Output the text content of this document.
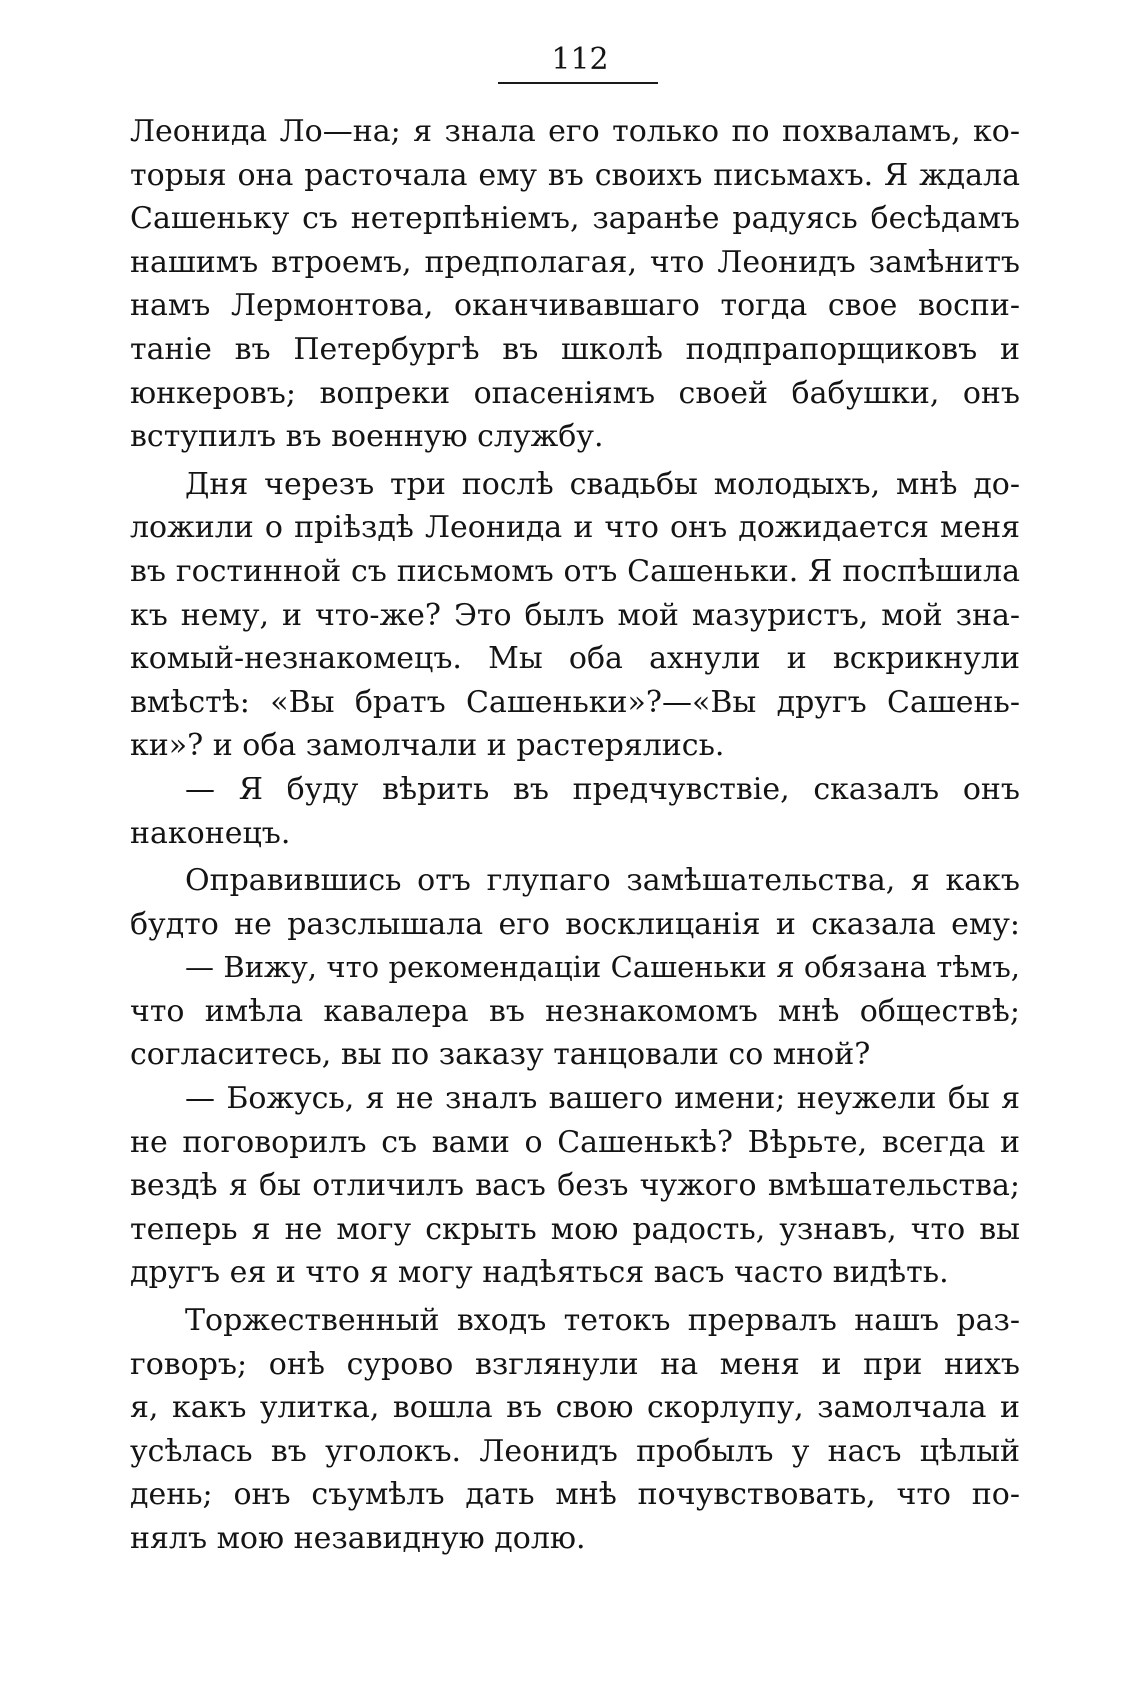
112
Леонида Ло—на; я знала его только по похваламъ, ко-
торыя она расточала ему въ своихъ письмахъ. Я ждала
Сашеньку съ нетерпѣніемъ, заранѣе радуясь бесѣдамъ
нашимъ втроемъ, предполагая, что Леонидъ замѣнитъ
намъ Лермонтова, оканчивавшаго тогда свое воспи-
таніе въ Петербургѣ въ школѣ подпрапорщиковъ и
юнкеровъ; вопреки опасеніямъ своей бабушки, онъ
вступилъ въ военную службу.
Дня черезъ три послѣ свадьбы молодыхъ, мнѣ до-
ложили о пріѣздѣ Леонида и что онъ дожидается меня
въ гостинной съ письмомъ отъ Сашеньки. Я поспѣшила
къ нему, и что-же? Это былъ мой мазуристъ, мой зна-
комый-незнакомецъ. Мы оба ахнули и вскрикнули
вмѣстѣ: «Вы братъ Сашеньки»?—«Вы другъ Сашень-
ки»? и оба замолчали и растерялись.
— Я буду вѣрить въ предчувствіе, сказалъ онъ
наконецъ.
Оправившись отъ глупаго замѣшательства, я какъ
будто не разслышала его восклицанія и сказала ему:
— Вижу, что рекомендаціи Сашеньки я обязана тѣмъ,
что имѣла кавалера въ незнакомомъ мнѣ обществѣ;
согласитесь, вы по заказу танцовали со мной?
— Божусь, я не зналъ вашего имени; неужели бы я
не поговорилъ съ вами о Сашенькѣ? Вѣрьте, всегда и
вездѣ я бы отличилъ васъ безъ чужого вмѣшательства;
теперь я не могу скрыть мою радость, узнавъ, что вы
другъ ея и что я могу надѣяться васъ часто видѣть.
Торжественный входъ тетокъ прервалъ нашъ раз-
говоръ; онѣ сурово взглянули на меня и при нихъ
я, какъ улитка, вошла въ свою скорлупу, замолчала и
усѣлась въ уголокъ. Леонидъ пробылъ у насъ цѣлый
день; онъ съумѣлъ дать мнѣ почувствовать, что по-
нялъ мою незавидную долю.
